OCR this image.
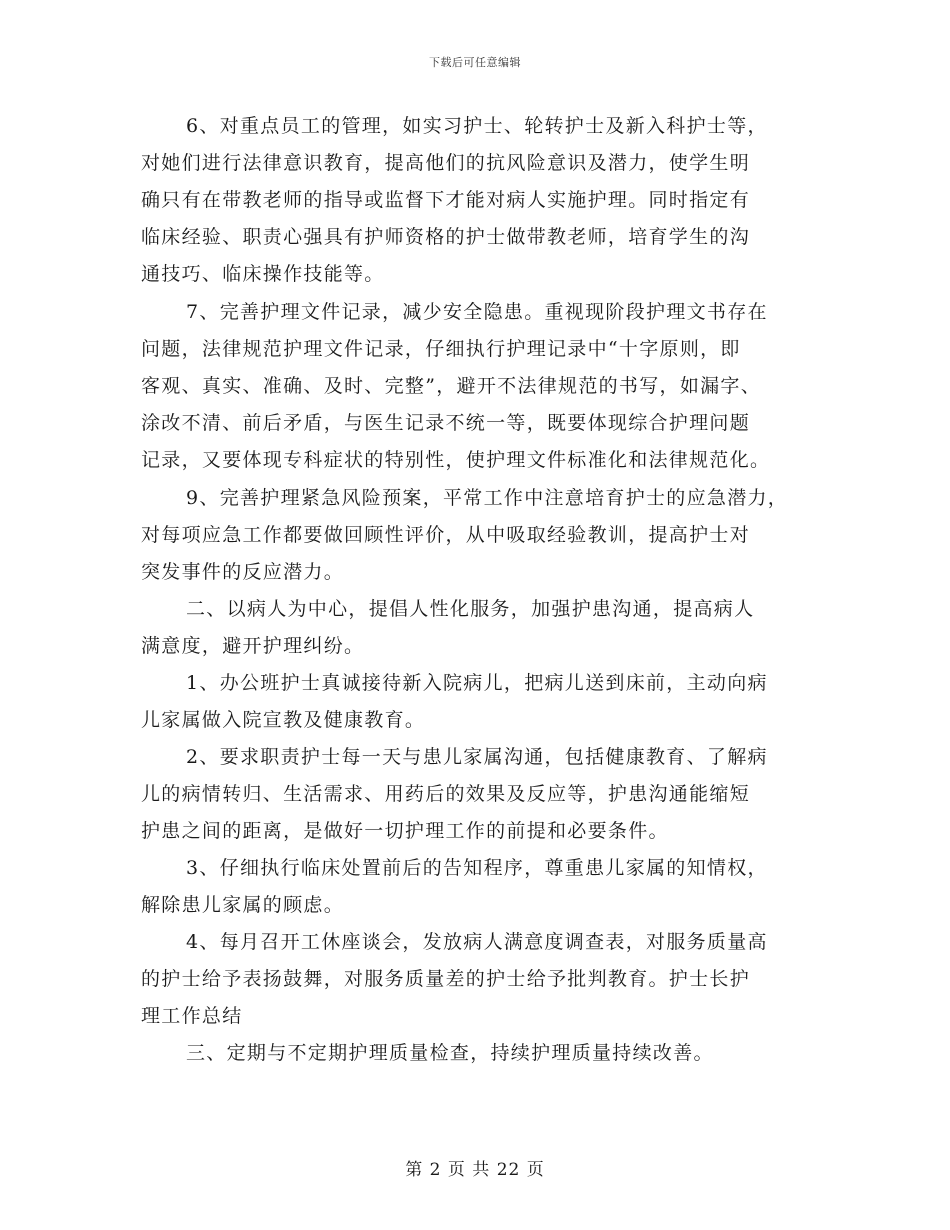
下载后可任意编辑
6、对重点员工的管理，如实习护士、轮转护士及新入科护士等，
对她们进行法律意识教育，提高他们的抗风险意识及潜力，使学生明
确只有在带教老师的指导或监督下才能对病人实施护理。同时指定有
临床经验、职责心强具有护师资格的护士做带教老师，培育学生的沟
通技巧、临床操作技能等。
7、完善护理文件记录，减少安全隐患。重视现阶段护理文书存在
问题，法律规范护理文件记录，仔细执行护理记录中“十字原则，即
客观、真实、准确、及时、完整”，避开不法律规范的书写，如漏字、
涂改不清、前后矛盾，与医生记录不统一等，既要体现综合护理问题
记录，又要体现专科症状的特别性，使护理文件标准化和法律规范化。
9、完善护理紧急风险预案，平常工作中注意培育护士的应急潜力，
对每项应急工作都要做回顾性评价，从中吸取经验教训，提高护士对
突发事件的反应潜力。
二、以病人为中心，提倡人性化服务，加强护患沟通，提高病人
满意度，避开护理纠纷。
1、办公班护士真诚接待新入院病儿，把病儿送到床前，主动向病
儿家属做入院宣教及健康教育。
2、要求职责护士每一天与患儿家属沟通，包括健康教育、了解病
儿的病情转归、生活需求、用药后的效果及反应等，护患沟通能缩短
护患之间的距离，是做好一切护理工作的前提和必要条件。
3、仔细执行临床处置前后的告知程序，尊重患儿家属的知情权，
解除患儿家属的顾虑。
4、每月召开工休座谈会，发放病人满意度调查表，对服务质量高
的护士给予表扬鼓舞，对服务质量差的护士给予批判教育。护士长护
理工作总结
三、定期与不定期护理质量检查，持续护理质量持续改善。
第 2 页 共 22 页
